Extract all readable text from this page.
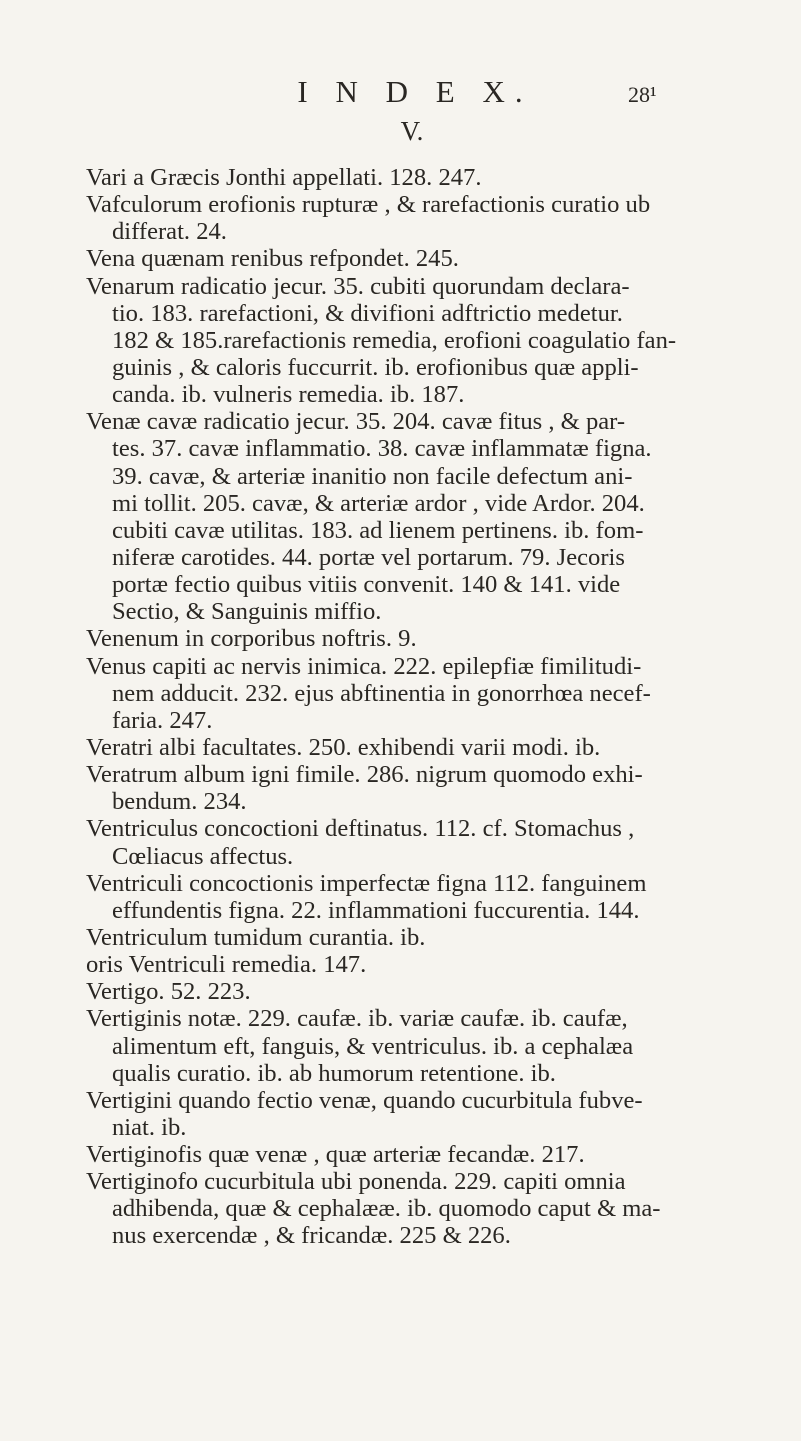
I N D E X.	28¹
V.
Vari a Græcis Jonthi appellati. 128. 247.
Vafculorum erofionis rupturæ , & rarefactionis curatio ub
differat. 24.
Vena quænam renibus refpondet. 245.
Venarum radicatio jecur. 35. cubiti quorundam declara-
tio. 183. rarefactioni, & divifioni adftrictio medetur.
182 & 185.rarefactionis remedia, erofioni coagulatio fan-
guinis , & caloris fuccurrit. ib. erofionibus quæ appli-
canda. ib. vulneris remedia. ib. 187.
Venæ cavæ radicatio jecur. 35. 204. cavæ fitus , & par-
tes. 37. cavæ inflammatio. 38. cavæ inflammatæ figna.
39. cavæ, & arteriæ inanitio non facile defectum ani-
mi tollit. 205. cavæ, & arteriæ ardor , vide Ardor. 204.
cubiti cavæ utilitas. 183. ad lienem pertinens. ib. fom-
niferæ carotides. 44. portæ vel portarum. 79. Jecoris
portæ fectio quibus vitiis convenit. 140 & 141. vide
Sectio, & Sanguinis miffio.
Venenum in corporibus noftris. 9.
Venus capiti ac nervis inimica. 222. epilepfiæ fimilitudi-
nem adducit. 232. ejus abftinentia in gonorrhœa necef-
faria. 247.
Veratri albi facultates. 250. exhibendi varii modi. ib.
Veratrum album igni fimile. 286. nigrum quomodo exhi-
bendum. 234.
Ventriculus concoctioni deftinatus. 112. cf. Stomachus ,
Cœliacus affectus.
Ventriculi concoctionis imperfectæ figna 112. fanguinem
effundentis figna. 22. inflammationi fuccurentia. 144.
Ventriculum tumidum curantia. ib.
oris Ventriculi remedia. 147.
Vertigo. 52. 223.
Vertiginis notæ. 229. caufæ. ib. variæ caufæ. ib. caufæ,
alimentum eft, fanguis, & ventriculus. ib. a cephalæa
qualis curatio. ib. ab humorum retentione. ib.
Vertigini quando fectio venæ, quando cucurbitula fubve-
niat. ib.
Vertiginofis quæ venæ , quæ arteriæ fecandæ. 217.
Vertiginofo cucurbitula ubi ponenda. 229. capiti omnia
adhibenda, quæ & cephalææ. ib. quomodo caput & ma-
nus exercendæ , & fricandæ. 225 & 226.
